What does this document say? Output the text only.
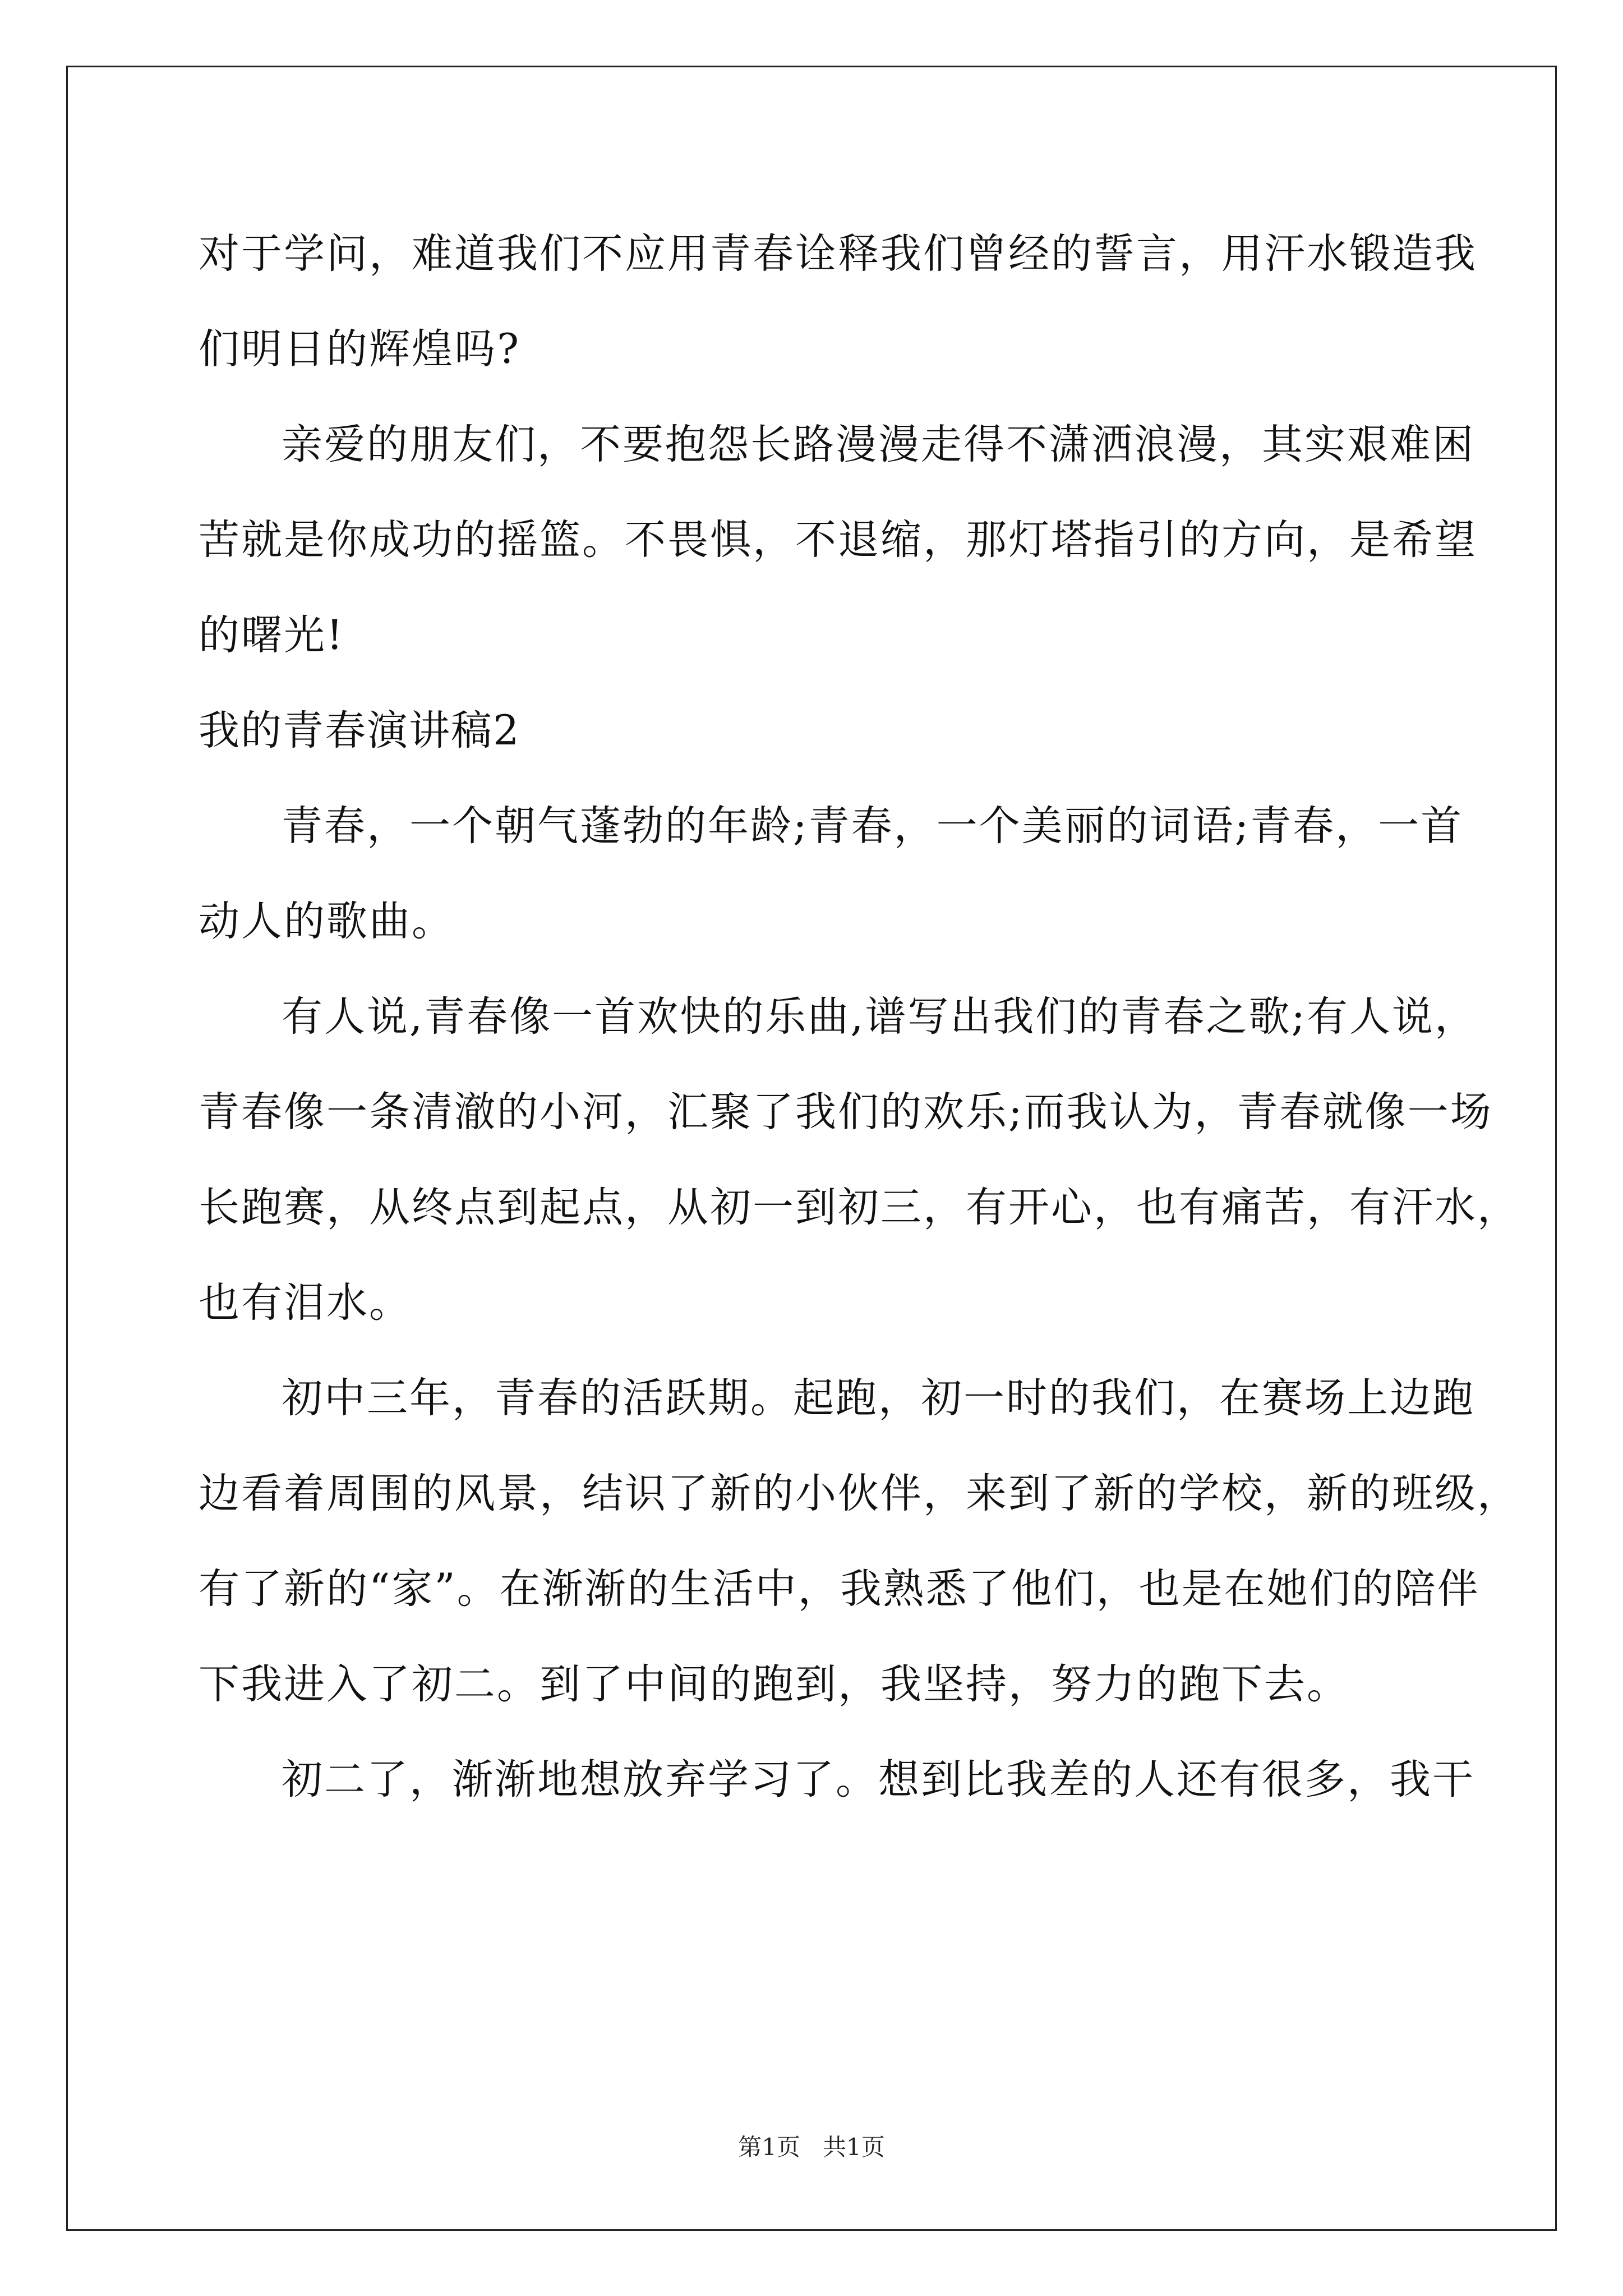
对于学问，难道我们不应用青春诠释我们曾经的誓言，用汗水锻造我
们明日的辉煌吗?
亲爱的朋友们，不要抱怨长路漫漫走得不潇洒浪漫，其实艰难困
苦就是你成功的摇篮。不畏惧，不退缩，那灯塔指引的方向，是希望
的曙光!
我的青春演讲稿2
青春，一个朝气蓬勃的年龄;青春，一个美丽的词语;青春，一首
动人的歌曲。
有人说,青春像一首欢快的乐曲,谱写出我们的青春之歌;有人说，
青春像一条清澈的小河，汇聚了我们的欢乐;而我认为，青春就像一场
长跑赛，从终点到起点，从初一到初三，有开心，也有痛苦，有汗水，
也有泪水。
初中三年，青春的活跃期。起跑，初一时的我们，在赛场上边跑
边看着周围的风景，结识了新的小伙伴，来到了新的学校，新的班级，
有了新的“家”。在渐渐的生活中，我熟悉了他们，也是在她们的陪伴
下我进入了初二。到了中间的跑到，我坚持，努力的跑下去。
初二了，渐渐地想放弃学习了。想到比我差的人还有很多，我干
第1页   共1页
